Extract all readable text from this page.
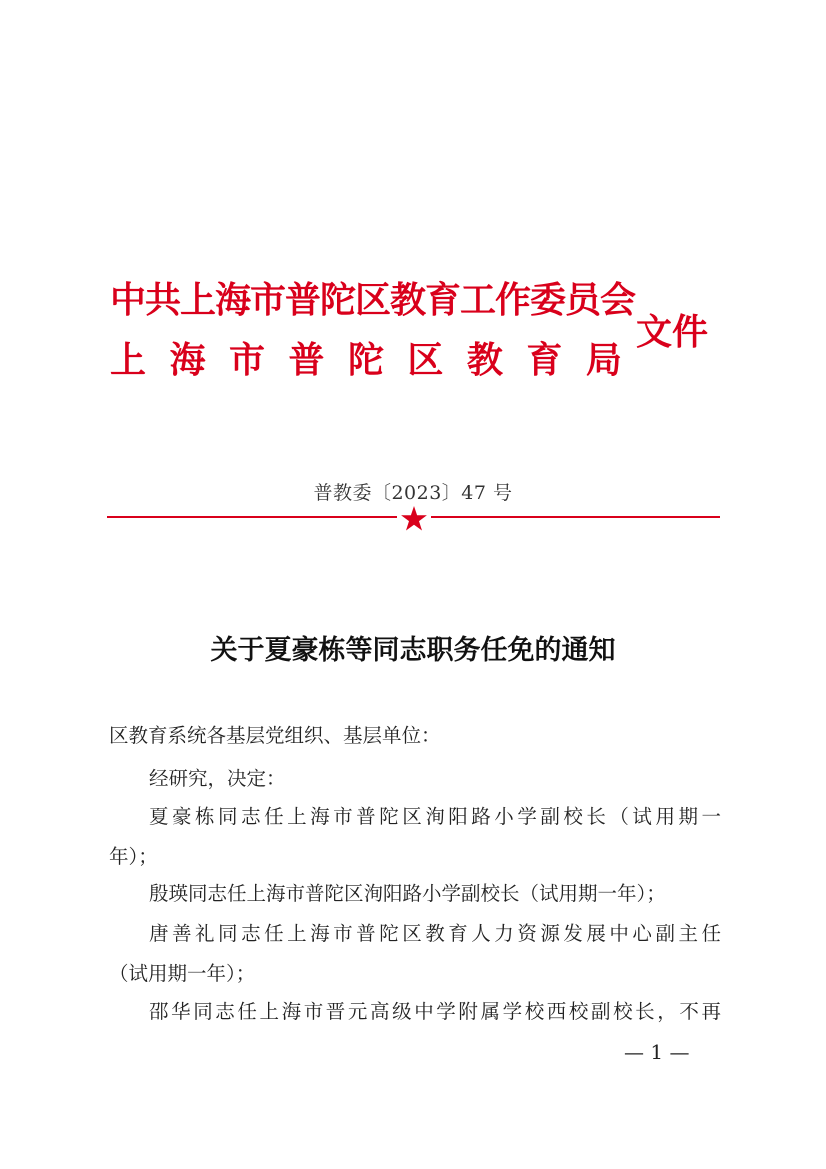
中共上海市普陀区教育工作委员会
上 海 市 普 陀 区 教 育 局
文件
普教委〔2023〕47 号
关于夏豪栋等同志职务任免的通知
区教育系统各基层党组织、基层单位：
经研究，决定：
夏豪栋同志任上海市普陀区洵阳路小学副校长（试用期一
年）；
殷瑛同志任上海市普陀区洵阳路小学副校长（试用期一年）；
唐善礼同志任上海市普陀区教育人力资源发展中心副主任
（试用期一年）；
邵华同志任上海市晋元高级中学附属学校西校副校长，不再
— 1 —
